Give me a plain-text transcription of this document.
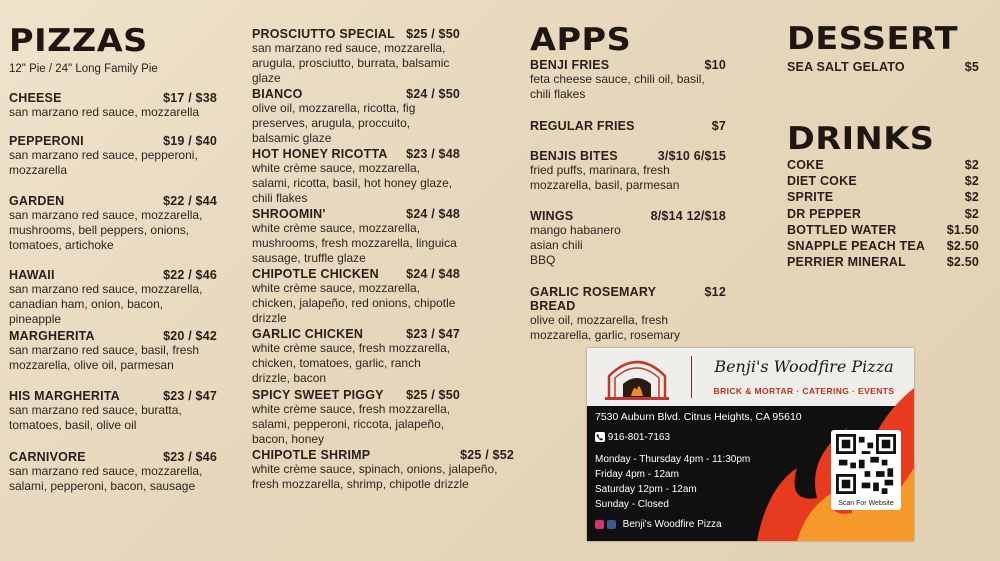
PIZZAS
12" Pie / 24" Long Family Pie
CHEESE	$17 / $38
san marzano red sauce, mozzarella
PEPPERONI	$19 / $40
san marzano red sauce, pepperoni, mozzarella
GARDEN	$22 / $44
san marzano red sauce, mozzarella, mushrooms, bell peppers, onions, tomatoes, artichoke
HAWAII	$22 / $46
san marzano red sauce, mozzarella, canadian ham, onion, bacon, pineapple
MARGHERITA	$20 / $42
san marzano red sauce, basil, fresh mozzarella, olive oil, parmesan
HIS MARGHERITA	$23 / $47
san marzano red sauce, buratta, tomatoes, basil, olive oil
CARNIVORE	$23 / $46
san marzano red sauce, mozzarella, salami, pepperoni, bacon, sausage
PROSCIUTTO SPECIAL $25 / $50
san marzano red sauce, mozzarella, arugula, prosciutto, burrata, balsamic glaze
BIANCO	$24 / $50
olive oil, mozzarella, ricotta, fig preserves, arugula, proccuito, balsamic glaze
HOT HONEY RICOTTA $23 / $48
white crème sauce, mozzarella, salami, ricotta, basil, hot honey glaze, chili flakes
SHROOMIN'	$24 / $48
white crème sauce, mozzarella, mushrooms, fresh mozzarella, linguica sausage, truffle glaze
CHIPOTLE CHICKEN $24 / $48
white crème sauce, mozzarella, chicken, jalapeño, red onions, chipotle drizzle
GARLIC CHICKEN	$23 / $47
white crème sauce, fresh mozzarella, chicken, tomatoes, garlic, ranch drizzle, bacon
SPICY SWEET PIGGY $25 / $50
white crème sauce, fresh mozzarella, salami, pepperoni, riccota, jalapeño, bacon, honey
CHIPOTLE SHRIMP	$25 / $52
white crème sauce, spinach, onions, jalapeño, fresh mozzarella, shrimp, chipotle drizzle
APPS
BENJI FRIES	$10
feta cheese sauce, chili oil, basil, chili flakes
REGULAR FRIES	$7
BENJIS BITES	3/$10 6/$15
fried puffs, marinara, fresh mozzarella, basil, parmesan
WINGS	8/$14 12/$18
mango habanero
asian chili
BBQ
GARLIC ROSEMARY BREAD
$12
olive oil, mozzarella, fresh mozzarella, garlic, rosemary
DESSERT
SEA SALT GELATO	$5
DRINKS
COKE	$2
DIET COKE	$2
SPRITE	$2
DR PEPPER	$2
BOTTLED WATER	$1.50
SNAPPLE PEACH TEA $2.50
PERRIER MINERAL	$2.50
Benji's Woodfire Pizza
BRICK & MORTAR · CATERING · EVENTS
7530 Auburn Blvd. Citrus Heights, CA 95610
916-801-7163
Monday - Thursday 4pm - 11:30pm
Friday 4pm - 12am
Saturday 12pm - 12am
Sunday - Closed
Benji's Woodfire Pizza
Scan For Website
